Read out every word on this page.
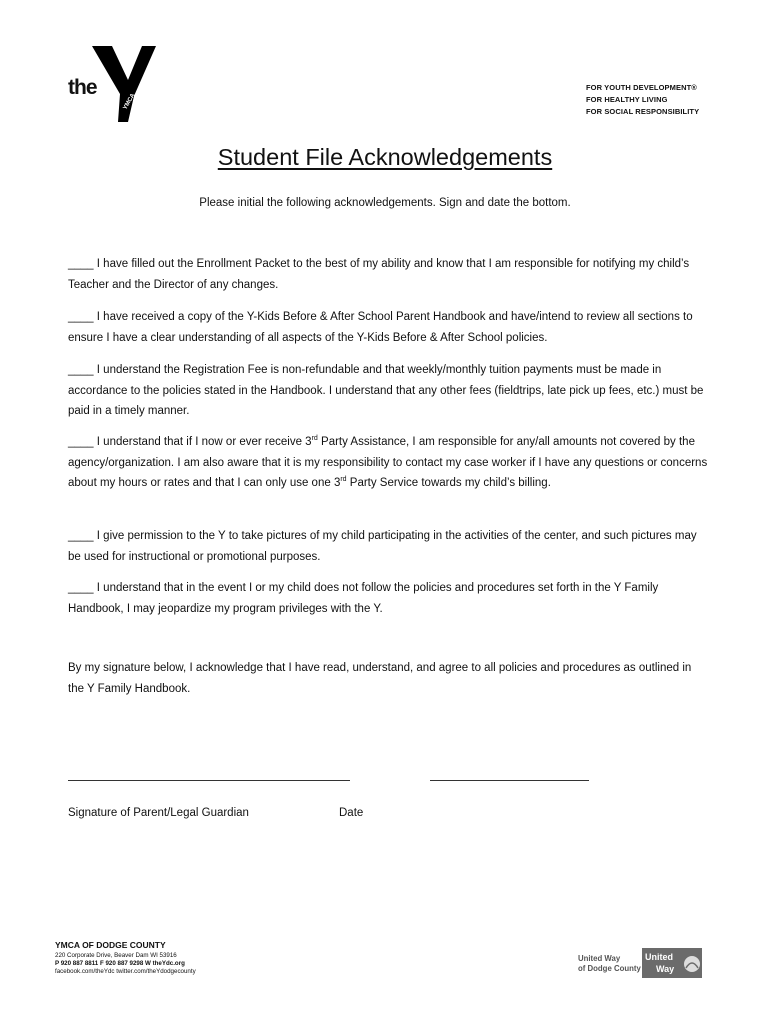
the
YMCA
FOR YOUTH DEVELOPMENT®
FOR HEALTHY LIVING
FOR SOCIAL RESPONSIBILITY
Student File Acknowledgements
Please initial the following acknowledgements. Sign and date the bottom.
____ I have filled out the Enrollment Packet to the best of my ability and know that I am responsible for notifying my child’s Teacher and the Director of any changes.
____ I have received a copy of the Y-Kids Before & After School Parent Handbook and have/intend to review all sections to ensure I have a clear understanding of all aspects of the Y-Kids Before & After School policies.
____ I understand the Registration Fee is non-refundable and that weekly/monthly tuition payments must be made in accordance to the policies stated in the Handbook. I understand that any other fees (fieldtrips, late pick up fees, etc.) must be paid in a timely manner.
____ I understand that if I now or ever receive 3rd Party Assistance, I am responsible for any/all amounts not covered by the agency/organization. I am also aware that it is my responsibility to contact my case worker if I have any questions or concerns about my hours or rates and that I can only use one 3rd Party Service towards my child’s billing.
____ I give permission to the Y to take pictures of my child participating in the activities of the center, and such pictures may be used for instructional or promotional purposes.
____ I understand that in the event I or my child does not follow the policies and procedures set forth in the Y Family Handbook, I may jeopardize my program privileges with the Y.
By my signature below, I acknowledge that I have read, understand, and agree to all policies and procedures as outlined in the Y Family Handbook.
Signature of Parent/Legal Guardian	Date
YMCA OF DODGE COUNTY
220 Corporate Drive, Beaver Dam WI 53916
P 920 887 8811 F 920 887 9298 W theYdc.org
facebook.com/theYdc twitter.com/theYdodgecounty
United Way
of Dodge County
United
Way
